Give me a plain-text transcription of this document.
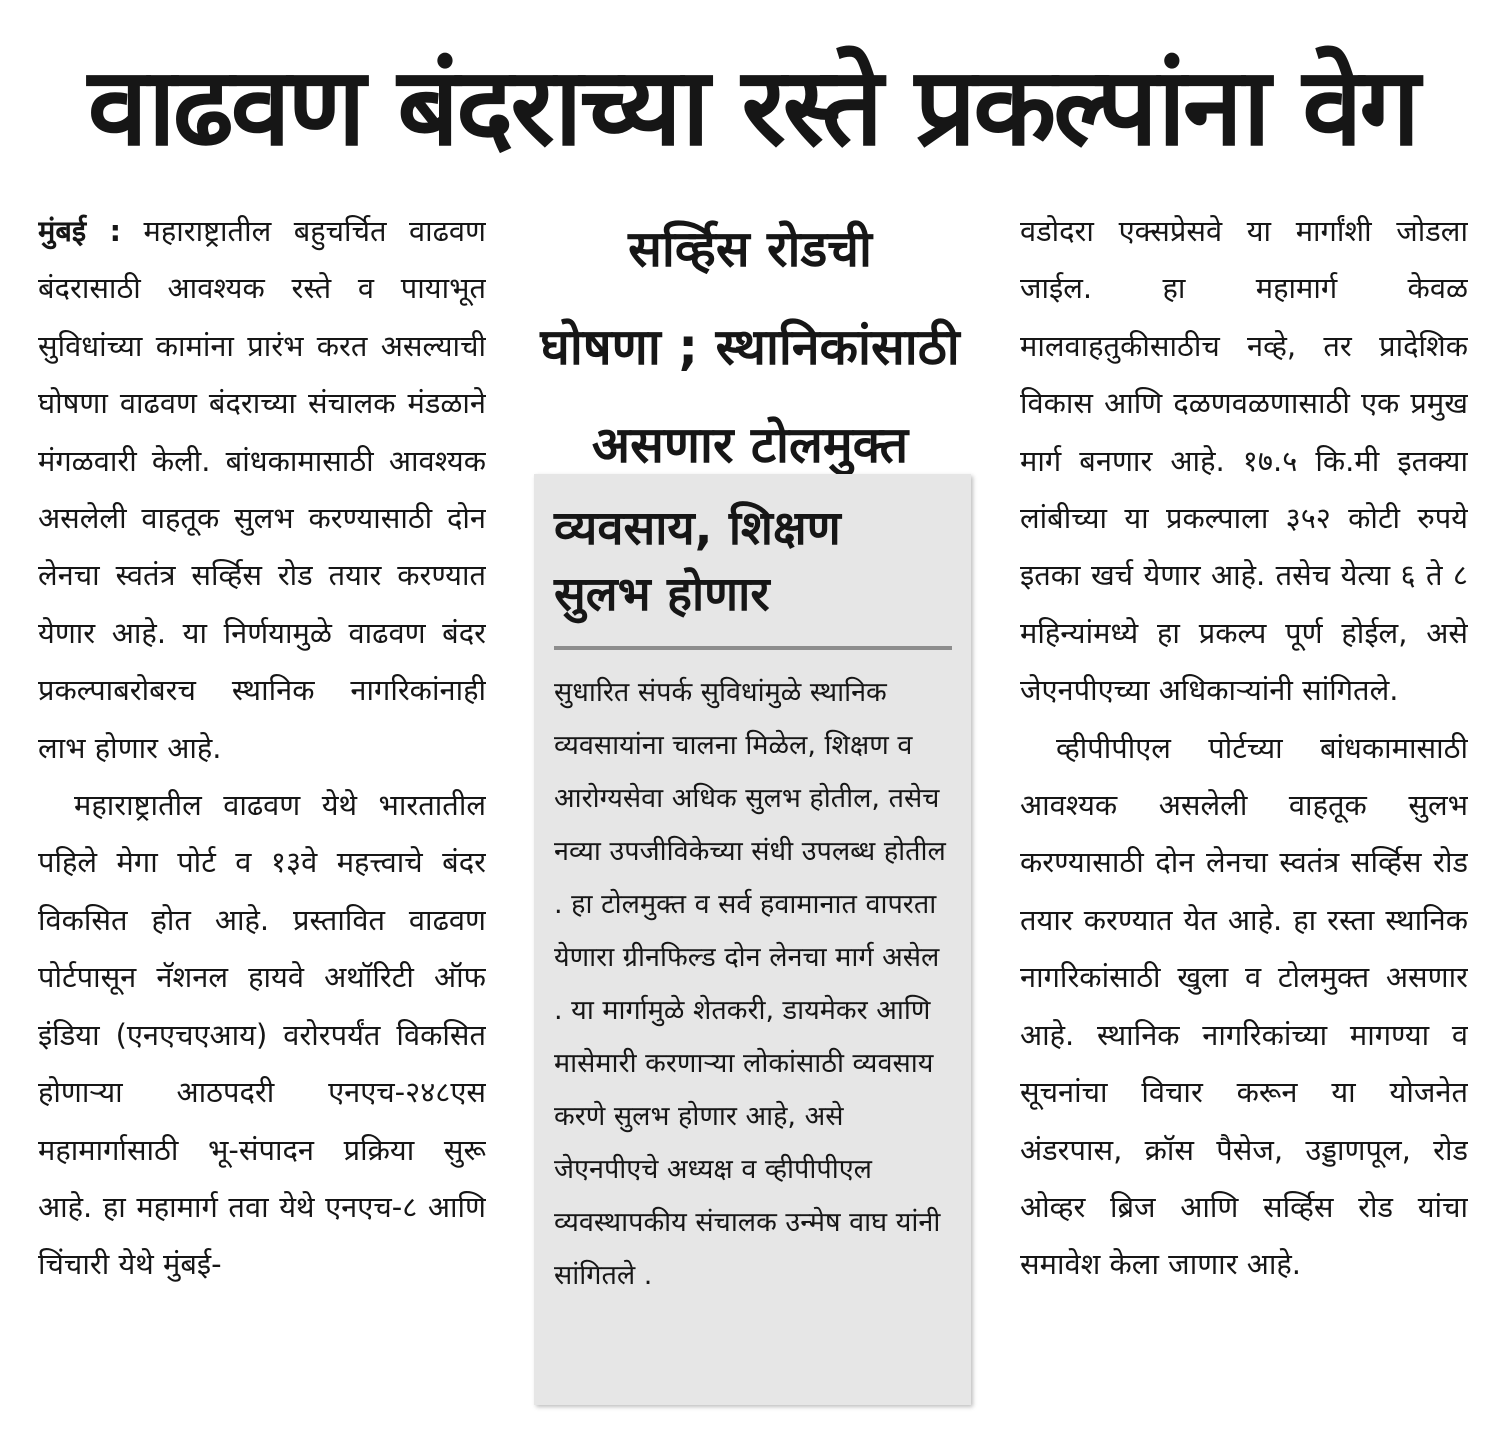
वाढवण बंदराच्या रस्ते प्रकल्पांना वेग

मुंबई : महाराष्ट्रातील बहुचर्चित वाढवण बंदरासाठी आवश्यक रस्ते व पायाभूत सुविधांच्या कामांना प्रारंभ करत असल्याची घोषणा वाढवण बंदराच्या संचालक मंडळाने मंगळवारी केली. बांधकामासाठी आवश्यक असलेली वाहतूक सुलभ करण्यासाठी दोन लेनचा स्वतंत्र सर्व्हिस रोड तयार करण्यात येणार आहे. या निर्णयामुळे वाढवण बंदर प्रकल्पाबरोबरच स्थानिक नागरिकांनाही लाभ होणार आहे.

महाराष्ट्रातील वाढवण येथे भारतातील पहिले मेगा पोर्ट व १३वे महत्त्वाचे बंदर विकसित होत आहे. प्रस्तावित वाढवण पोर्टपासून नॅशनल हायवे अथॉरिटी ऑफ इंडिया (एनएचएआय) वरोरपर्यंत विकसित होणाऱ्या आठपदरी एनएच-२४८एस महामार्गासाठी भू-संपादन प्रक्रिया सुरू आहे. हा महामार्ग तवा येथे एनएच-८ आणि चिंचारी येथे मुंबई-

सर्व्हिस रोडची
घोषणा ; स्थानिकांसाठी
असणार टोलमुक्त
व्यवसाय, शिक्षण
सुलभ होणार
सुधारित संपर्क सुविधांमुळे स्थानिक व्यवसायांना चालना मिळेल, शिक्षण व आरोग्यसेवा अधिक सुलभ होतील, तसेच नव्या उपजीविकेच्या संधी उपलब्ध होतील . हा टोलमुक्त व सर्व हवामानात वापरता येणारा ग्रीनफिल्ड दोन लेनचा मार्ग असेल . या मार्गामुळे शेतकरी, डायमेकर आणि मासेमारी करणाऱ्या लोकांसाठी व्यवसाय करणे सुलभ होणार आहे, असे जेएनपीएचे अध्यक्ष व व्हीपीपीएल व्यवस्थापकीय संचालक उन्मेष वाघ यांनी सांगितले .

वडोदरा एक्सप्रेसवे या मार्गांशी जोडला जाईल. हा महामार्ग केवळ मालवाहतुकीसाठीच नव्हे, तर प्रादेशिक विकास आणि दळणवळणासाठी एक प्रमुख मार्ग बनणार आहे. १७.५ कि.मी इतक्या लांबीच्या या प्रकल्पाला ३५२ कोटी रुपये इतका खर्च येणार आहे. तसेच येत्या ६ ते ८ महिन्यांमध्ये हा प्रकल्प पूर्ण होईल, असे जेएनपीएच्या अधिकाऱ्यांनी सांगितले.

व्हीपीपीएल पोर्टच्या बांधकामासाठी आवश्यक असलेली वाहतूक सुलभ करण्यासाठी दोन लेनचा स्वतंत्र सर्व्हिस रोड तयार करण्यात येत आहे. हा रस्ता स्थानिक नागरिकांसाठी खुला व टोलमुक्त असणार आहे. स्थानिक नागरिकांच्या मागण्या व सूचनांचा विचार करून या योजनेत अंडरपास, क्रॉस पैसेज, उड्डाणपूल, रोड ओव्हर ब्रिज आणि सर्व्हिस रोड यांचा समावेश केला जाणार आहे.
